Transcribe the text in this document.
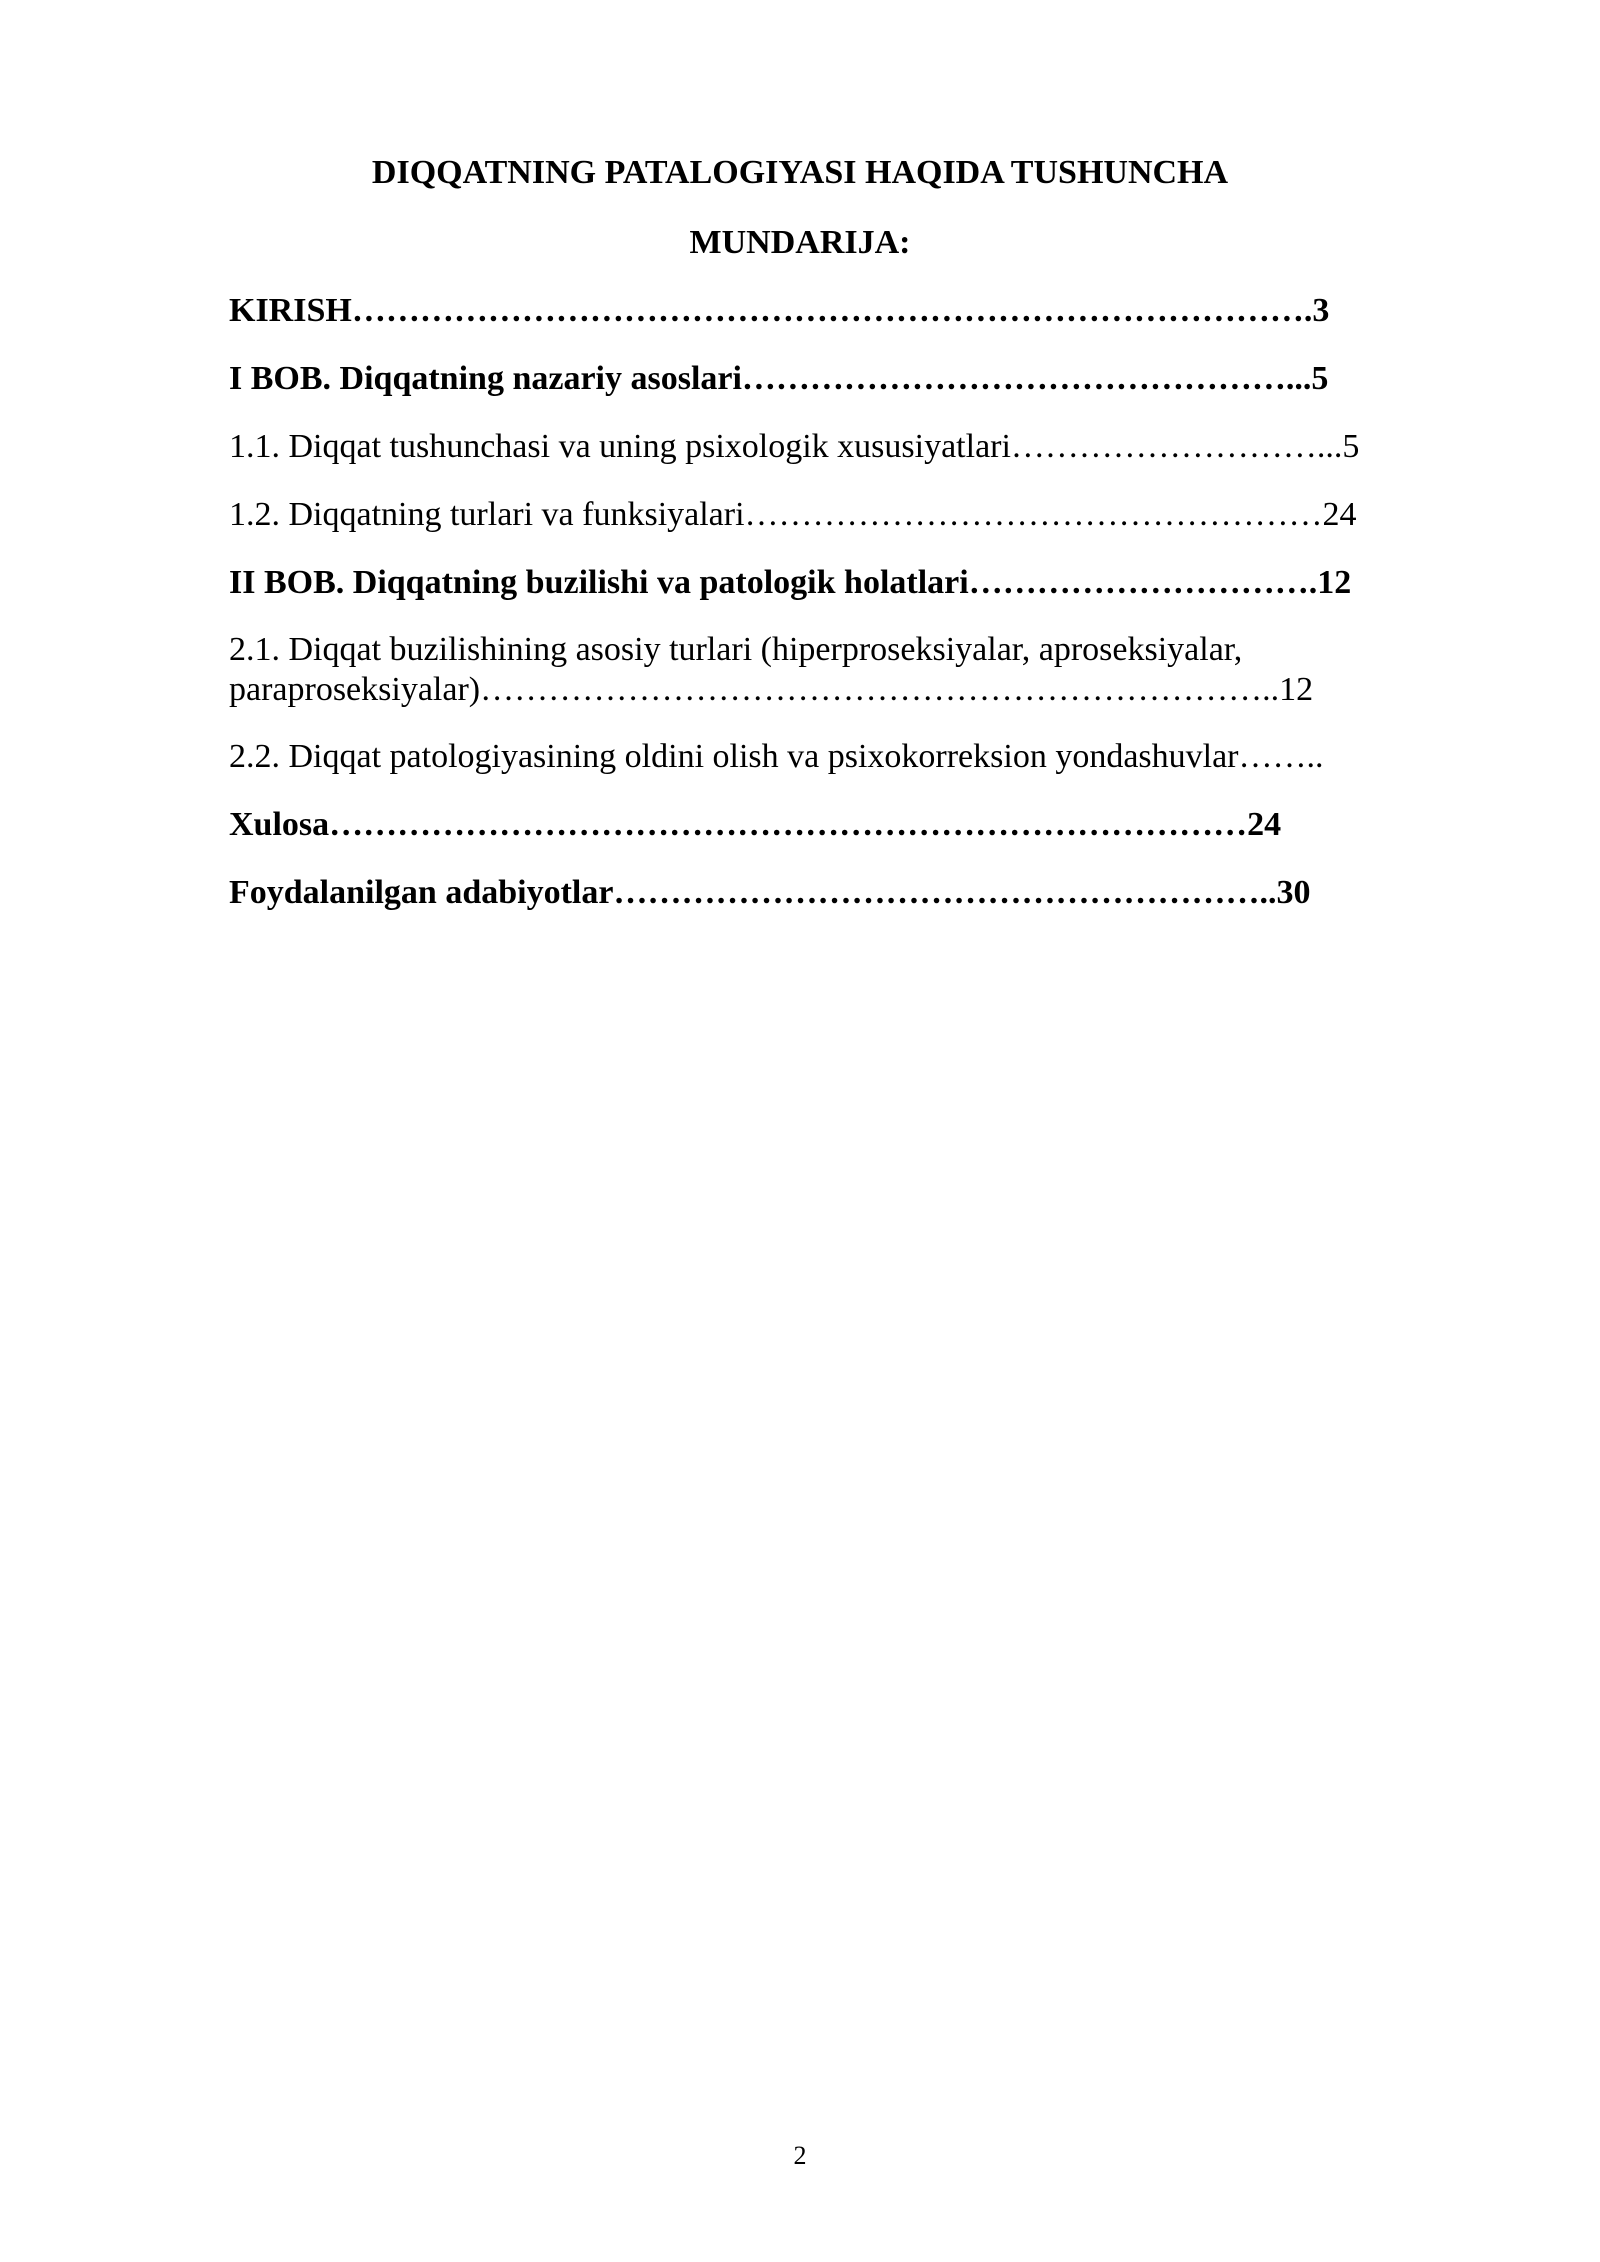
DIQQATNING PATALOGIYASI HAQIDA TUSHUNCHA
MUNDARIJA:
KIRISH………………………………………………………………………….3
I BOB. Diqqatning nazariy asoslari…………………………………………...5
1.1. Diqqat tushunchasi va uning psixologik xususiyatlari………………………...5
1.2. Diqqatning turlari va funksiyalari……………………………………………24
II BOB. Diqqatning buzilishi va patologik holatlari………………………….12
2.1. Diqqat buzilishining asosiy turlari (hiperproseksiyalar, aproseksiyalar, paraproseksiyalar)……………………………………………………………..12
2.2. Diqqat patologiyasining oldini olish va psixokorreksion yondashuvlar……..
Xulosa………………………………………………………………………24
Foydalanilgan adabiyotlar…………………………………………………..30
2
